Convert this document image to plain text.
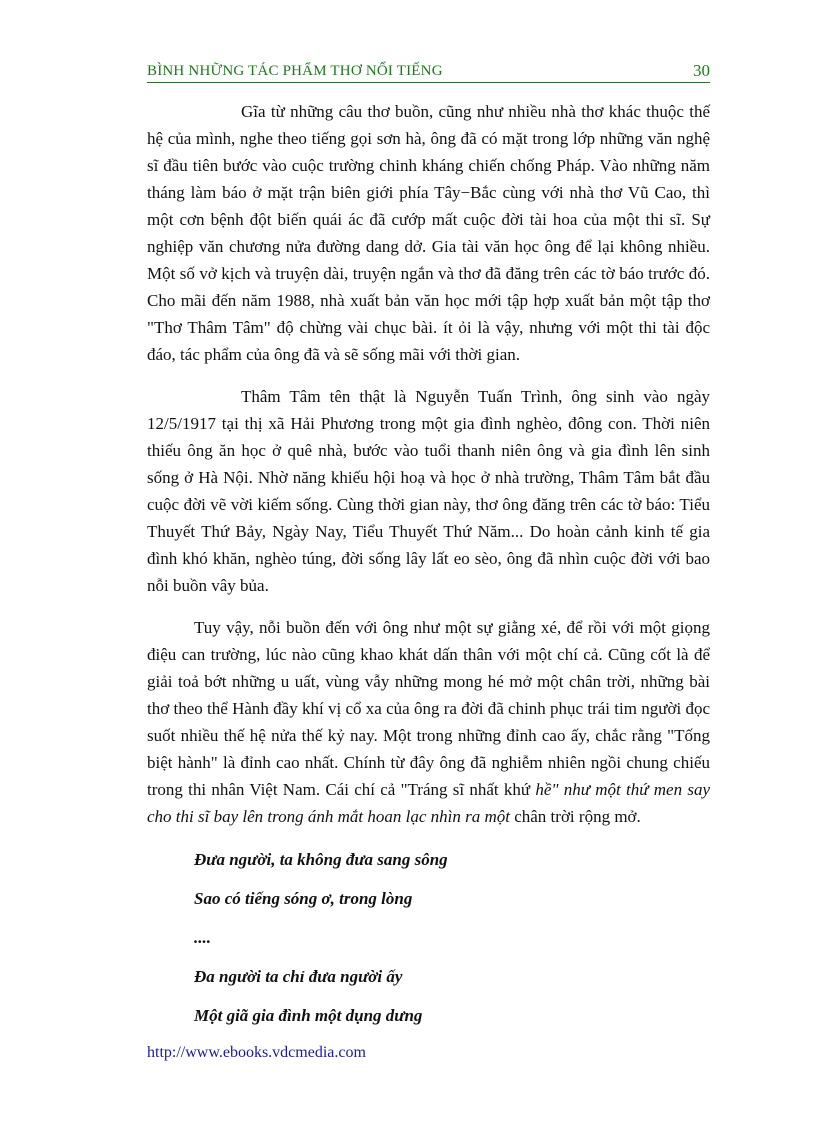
BÌNH NHỮNG TÁC PHẨM THƠ NỔI TIẾNG	30

Gĩa từ những câu thơ buồn, cũng như nhiều nhà thơ khác thuộc thế hệ của mình, nghe theo tiếng gọi sơn hà, ông đã có mặt trong lớp những văn nghệ sĩ đầu tiên bước vào cuộc trường chinh kháng chiến chống Pháp. Vào những năm tháng làm báo ở mặt trận biên giới phía Tây−Bắc cùng với nhà thơ Vũ Cao, thì một cơn bệnh đột biến quái ác đã cướp mất cuộc đời tài hoa của một thi sĩ. Sự nghiệp văn chương nửa đường dang dở. Gia tài văn học ông để lại không nhiều. Một số vở kịch và truyện dài, truyện ngắn và thơ đã đăng trên các tờ báo trước đó. Cho mãi đến năm 1988, nhà xuất bản văn học mới tập hợp xuất bản một tập thơ "Thơ Thâm Tâm" độ chừng vài chục bài. ít ỏi là vậy, nhưng với một thi tài độc đáo, tác phẩm của ông đã và sẽ sống mãi với thời gian.

Thâm Tâm tên thật là Nguyễn Tuấn Trình, ông sinh vào ngày 12/5/1917 tại thị xã Hải Phương trong một gia đình nghèo, đông con. Thời niên thiếu ông ăn học ở quê nhà, bước vào tuổi thanh niên ông và gia đình lên sinh sống ở Hà Nội. Nhờ năng khiếu hội hoạ và học ở nhà trường, Thâm Tâm bắt đầu cuộc đời vẽ vời kiếm sống. Cùng thời gian này, thơ ông đăng trên các tờ báo: Tiểu Thuyết Thứ Bảy, Ngày Nay, Tiểu Thuyết Thứ Năm... Do hoàn cảnh kinh tế gia đình khó khăn, nghèo túng, đời sống lây lất eo sèo, ông đã nhìn cuộc đời với bao nỗi buồn vây bủa.

Tuy vậy, nỗi buồn đến với ông như một sự giằng xé, để rồi với một giọng điệu can trường, lúc nào cũng khao khát dấn thân với một chí cả. Cũng cốt là để giải toả bớt những u uất, vùng vẫy những mong hé mở một chân trời, những bài thơ theo thể Hành đầy khí vị cổ xa của ông ra đời đã chinh phục trái tim người đọc suốt nhiều thế hệ nửa thế kỷ nay. Một trong những đỉnh cao ấy, chắc rằng "Tống biệt hành" là đỉnh cao nhất. Chính từ đây ông đã nghiễm nhiên ngồi chung chiếu trong thi nhân Việt Nam. Cái chí cả "Tráng sĩ nhất khứ hề" như một thứ men say cho thi sĩ bay lên trong ánh mắt hoan lạc nhìn ra một chân trời rộng mở.

Đưa người, ta không đưa sang sông
Sao có tiếng sóng ơ, trong lòng
....
Đa người ta chỉ đưa người ấy
Một giã gia đình một dụng dưng
http://www.ebooks.vdcmedia.com
